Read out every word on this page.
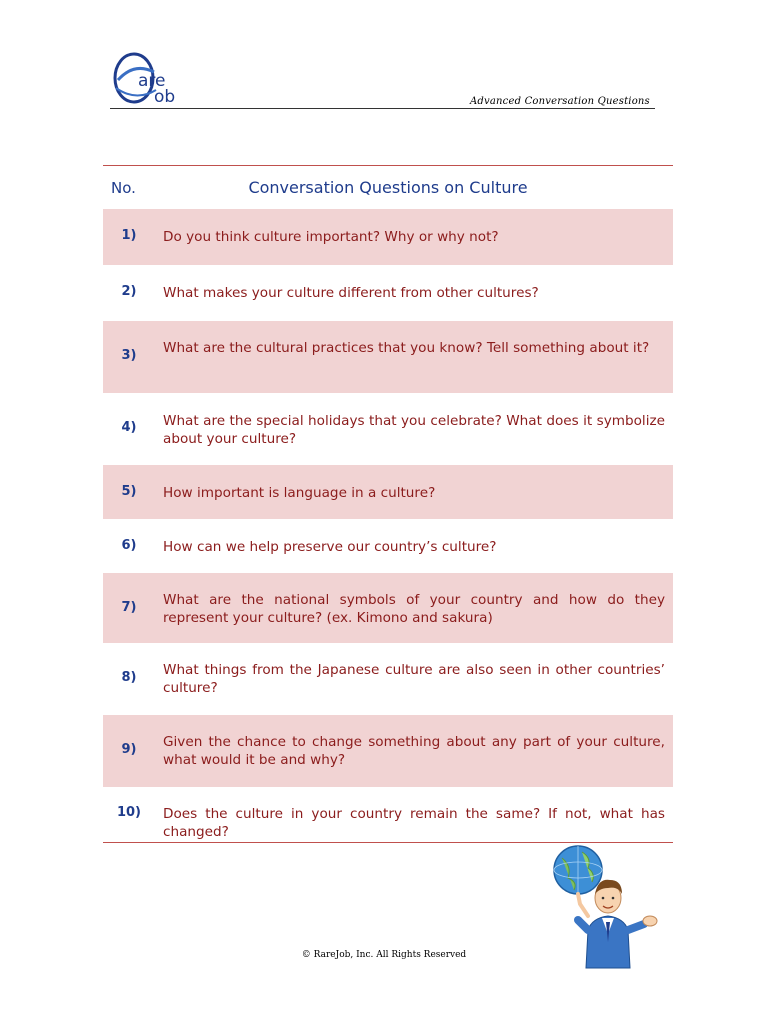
are
ob	Advanced Conversation Questions
No.	Conversation Questions on Culture
1)	Do you think culture important? Why or why not?
2)	What makes your culture different from other cultures?
3)	What are the cultural practices that you know? Tell something about it?
4)	What are the special holidays that you celebrate? What does it symbolize about your culture?
5)	How important is language in a culture?
6)	How can we help preserve our country’s culture?
7)	What are the national symbols of your country and how do they represent your culture? (ex. Kimono and sakura)
8)	What things from the Japanese culture are also seen in other countries’ culture?
9)	Given the chance to change something about any part of your culture, what would it be and why?
10)	Does the culture in your country remain the same? If not, what has changed?
© RareJob, Inc. All Rights Reserved
